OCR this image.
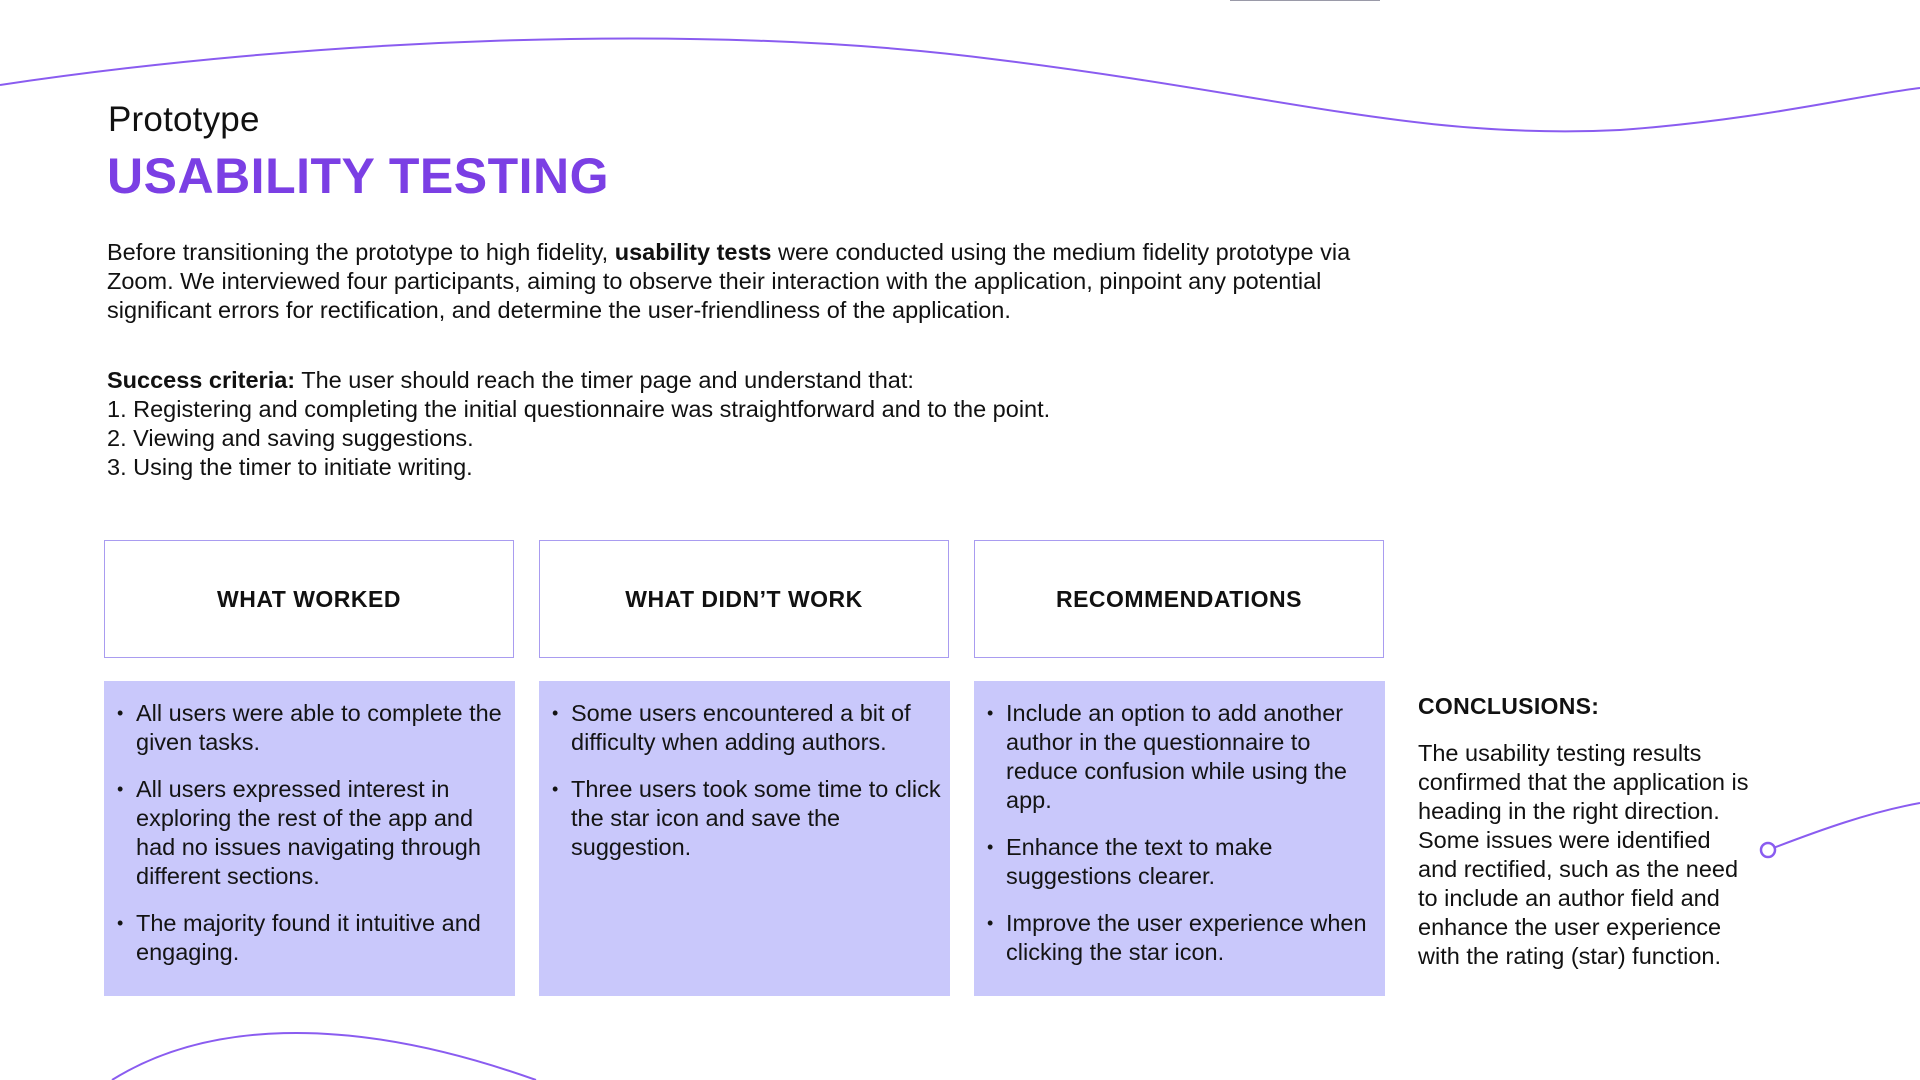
Prototype
USABILITY TESTING
Before transitioning the prototype to high fidelity, usability tests were conducted using the medium fidelity prototype via Zoom. We interviewed four participants, aiming to observe their interaction with the application, pinpoint any potential significant errors for rectification, and determine the user-friendliness of the application.
Success criteria: The user should reach the timer page and understand that:
1. Registering and completing the initial questionnaire was straightforward and to the point.
2. Viewing and saving suggestions.
3. Using the timer to initiate writing.
WHAT WORKED
• All users were able to complete the given tasks.
• All users expressed interest in exploring the rest of the app and had no issues navigating through different sections.
• The majority found it intuitive and engaging.
WHAT DIDN’T WORK
• Some users encountered a bit of difficulty when adding authors.
• Three users took some time to click the star icon and save the suggestion.
RECOMMENDATIONS
• Include an option to add another author in the questionnaire to reduce confusion while using the app.
• Enhance the text to make suggestions clearer.
• Improve the user experience when clicking the star icon.
CONCLUSIONS:
The usability testing results confirmed that the application is heading in the right direction. Some issues were identified and rectified, such as the need to include an author field and enhance the user experience with the rating (star) function.
